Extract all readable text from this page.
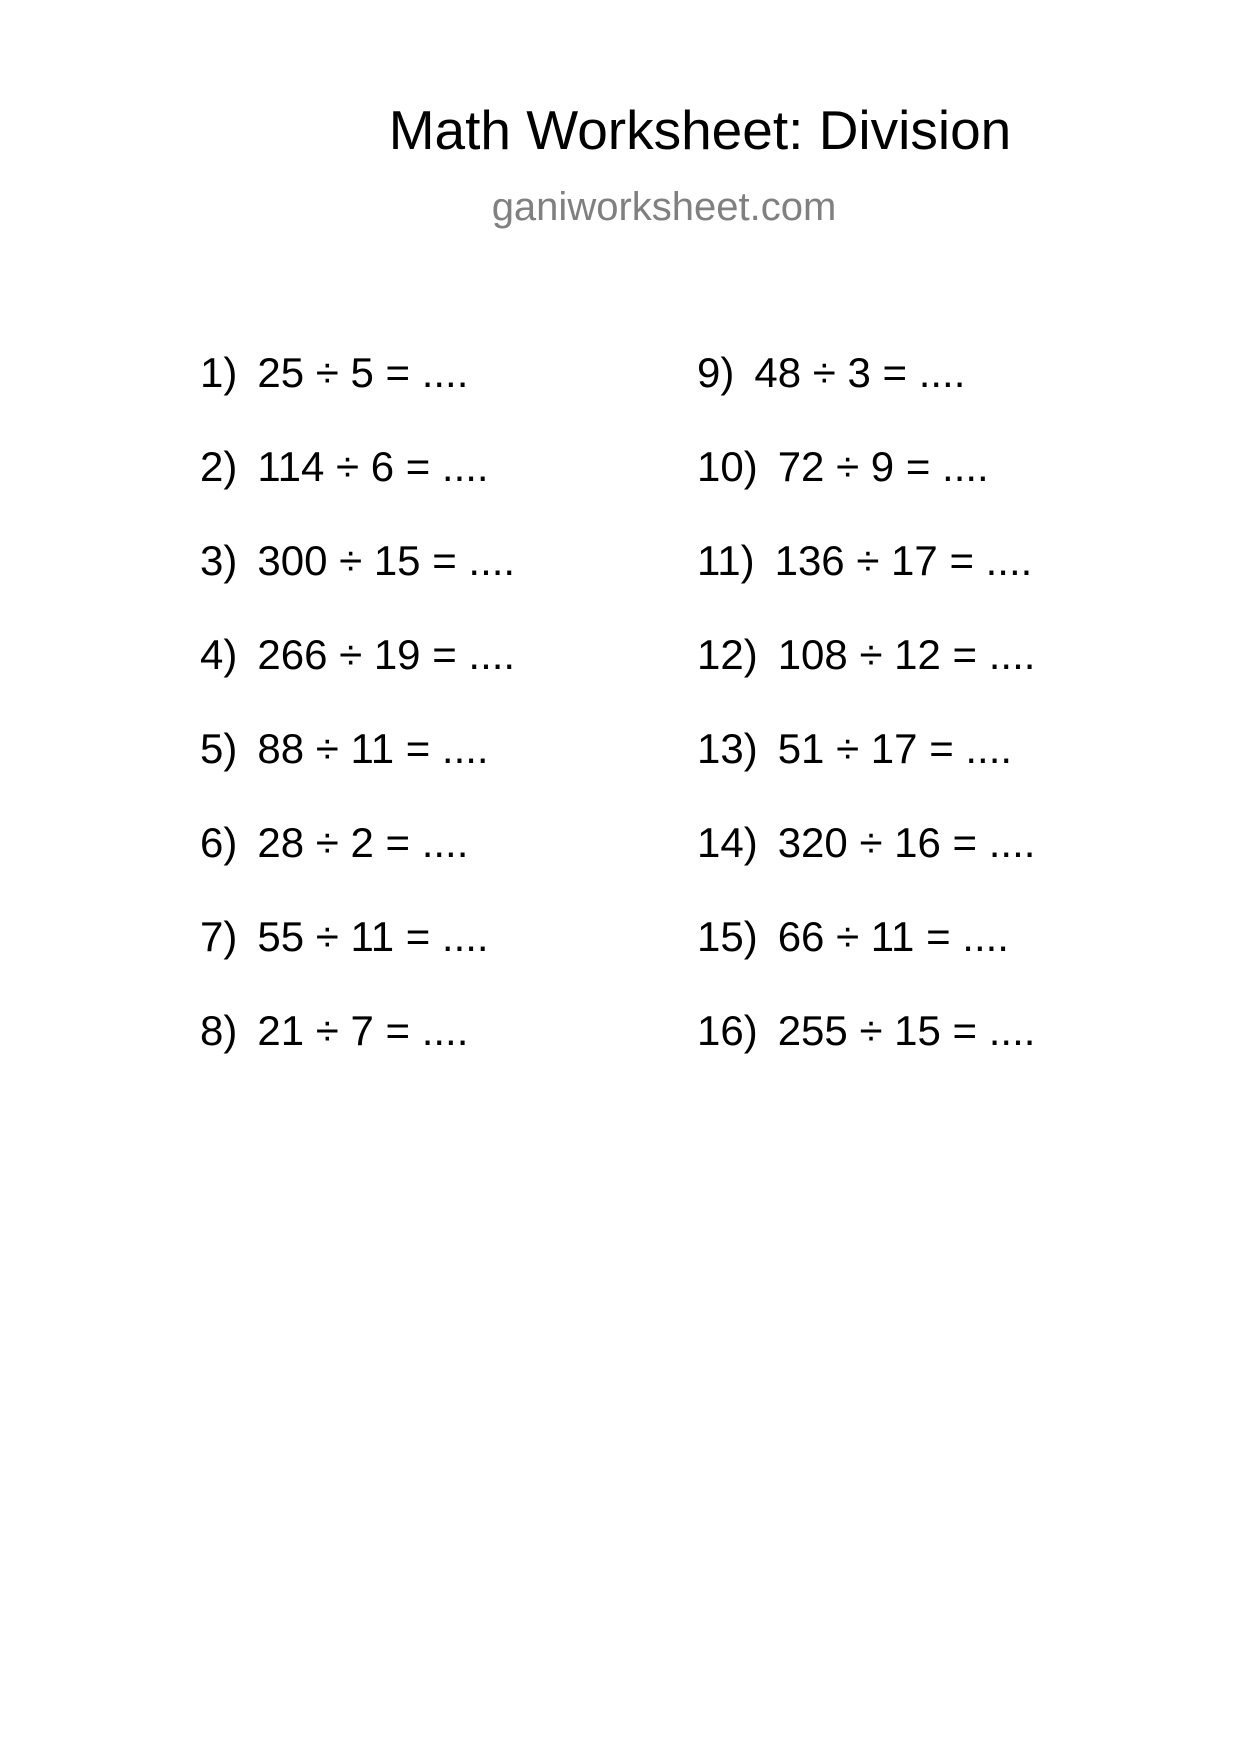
Math Worksheet: Division
ganiworksheet.com
1) 25 ÷ 5 = ....
2) 114 ÷ 6 = ....
3) 300 ÷ 15 = ....
4) 266 ÷ 19 = ....
5) 88 ÷ 11 = ....
6) 28 ÷ 2 = ....
7) 55 ÷ 11 = ....
8) 21 ÷ 7 = ....
9) 48 ÷ 3 = ....
10) 72 ÷ 9 = ....
11) 136 ÷ 17 = ....
12) 108 ÷ 12 = ....
13) 51 ÷ 17 = ....
14) 320 ÷ 16 = ....
15) 66 ÷ 11 = ....
16) 255 ÷ 15 = ....
